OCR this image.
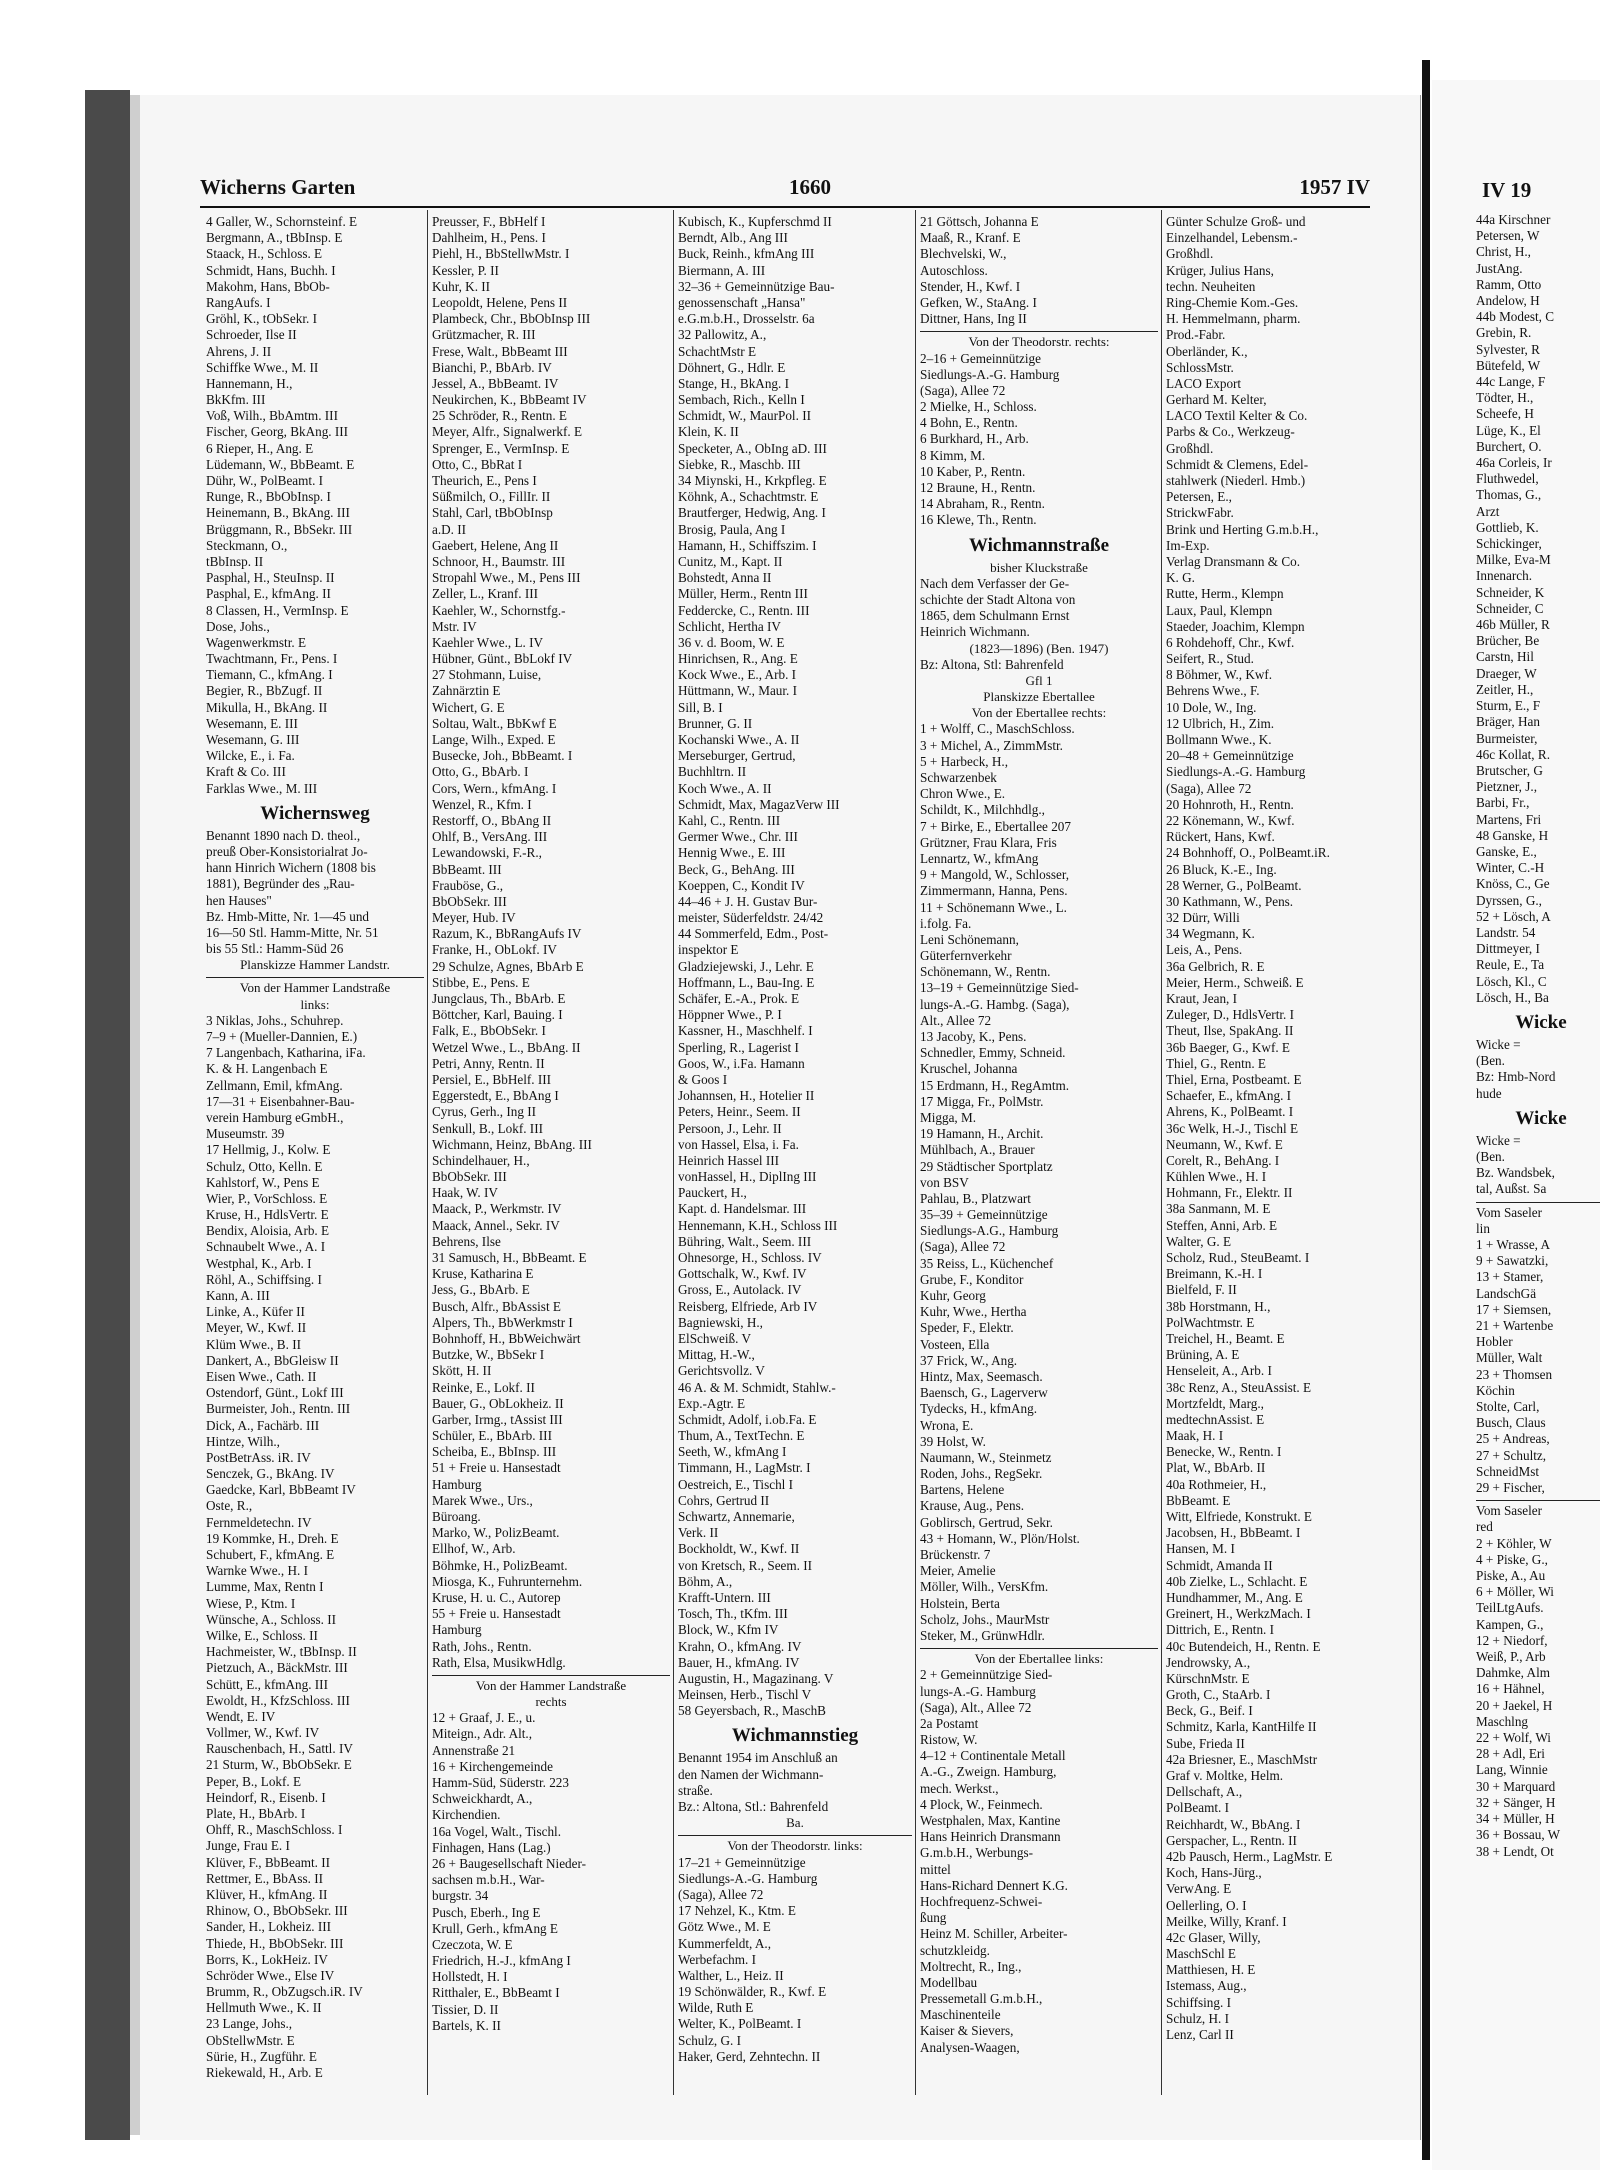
IV 19
44a Kirschner
Petersen, W
Christ, H.,
JustAng.
Ramm, Otto
Andelow, H
44b Modest, C
Grebin, R.
Sylvester, R
Bütefeld, W
44c Lange, F
Tödter, H.,
Scheefe, H
Lüge, K., El
Burchert, O.
46a Corleis, Ir
Fluthwedel,
Thomas, G.,
Arzt
Gottlieb, K.
Schickinger,
Milke, Eva-M
Innenarch.
Schneider, K
Schneider, C
46b Müller, R
Brücher, Be
Carstn, Hil
Draeger, W
Zeitler, H.,
Sturm, E., F
Bräger, Han
Burmeister,
46c Kollat, R.
Brutscher, G
Pietzner, J.,
Barbi, Fr.,
Martens, Fri
48 Ganske, H
Ganske, E.,
Winter, C.-H
Knöss, C., Ge
Dyrssen, G.,
52 + Lösch, A
Landstr. 54
Dittmeyer, I
Reule, E., Ta
Lösch, Kl., C
Lösch, H., Ba
Wicke
Wicke =
(Ben.
Bz: Hmb-Nord
hude
Wicke
Wicke =
(Ben.
Bz. Wandsbek,
tal, Außst. Sa
Vom Saseler
lin
1 + Wrasse, A
9 + Sawatzki,
13 + Stamer,
LandschGä
17 + Siemsen,
21 + Wartenbe
Hobler
Müller, Walt
23 + Thomsen
Köchin
Stolte, Carl,
Busch, Claus
25 + Andreas,
27 + Schultz,
SchneidMst
29 + Fischer,
Vom Saseler
red
2 + Köhler, W
4 + Piske, G.,
Piske, A., Au
6 + Möller, Wi
TeilLtgAufs.
Kampen, G.,
12 + Niedorf,
Weiß, P., Arb
Dahmke, Alm
16 + Hähnel,
20 + Jaekel, H
Maschlng
22 + Wolf, Wi
28 + Adl, Eri
Lang, Winnie
30 + Marquard
32 + Sänger, H
34 + Müller, H
36 + Bossau, W
38 + Lendt, Ot
Wicherns Garten	1660	1957 IV
4 Galler, W., Schornsteinf. E
Bergmann, A., tBbInsp. E
Staack, H., Schloss. E
Schmidt, Hans, Buchh. I
Makohm, Hans, BbOb-
RangAufs. I
Gröhl, K., tObSekr. I
Schroeder, Ilse II
Ahrens, J. II
Schiffke Wwe., M. II
Hannemann, H.,
BkKfm. III
Voß, Wilh., BbAmtm. III
Fischer, Georg, BkAng. III
6 Rieper, H., Ang. E
Lüdemann, W., BbBeamt. E
Dühr, W., PolBeamt. I
Runge, R., BbObInsp. I
Heinemann, B., BkAng. III
Brüggmann, R., BbSekr. III
Steckmann, O.,
tBbInsp. II
Pasphal, H., SteuInsp. II
Pasphal, E., kfmAng. II
8 Classen, H., VermInsp. E
Dose, Johs.,
Wagenwerkmstr. E
Twachtmann, Fr., Pens. I
Tiemann, C., kfmAng. I
Begier, R., BbZugf. II
Mikulla, H., BkAng. II
Wesemann, E. III
Wesemann, G. III
Wilcke, E., i. Fa.
Kraft & Co. III
Farklas Wwe., M. III
Wichernsweg
Benannt 1890 nach D. theol.,
preuß Ober-Konsistorialrat Jo-
hann Hinrich Wichern (1808 bis
1881), Begründer des „Rau-
hen Hauses"
Bz. Hmb-Mitte, Nr. 1—45 und
16—50 Stl. Hamm-Mitte, Nr. 51
bis 55 Stl.: Hamm-Süd 26
Planskizze Hammer Landstr.
Von der Hammer Landstraße
links:
3 Niklas, Johs., Schuhrep.
7–9 + (Mueller-Dannien, E.)
7 Langenbach, Katharina, iFa.
K. & H. Langenbach E
Zellmann, Emil, kfmAng.
17—31 + Eisenbahner-Bau-
verein Hamburg eGmbH.,
Museumstr. 39
17 Hellmig, J., Kolw. E
Schulz, Otto, Kelln. E
Kahlstorf, W., Pens E
Wier, P., VorSchloss. E
Kruse, H., HdlsVertr. E
Bendix, Aloisia, Arb. E
Schnaubelt Wwe., A. I
Westphal, K., Arb. I
Röhl, A., Schiffsing. I
Kann, A. III
Linke, A., Küfer II
Meyer, W., Kwf. II
Klüm Wwe., B. II
Dankert, A., BbGleisw II
Eisen Wwe., Cath. II
Ostendorf, Günt., Lokf III
Burmeister, Joh., Rentn. III
Dick, A., Fachärb. III
Hintze, Wilh.,
PostBetrAss. iR. IV
Senczek, G., BkAng. IV
Gaedcke, Karl, BbBeamt IV
Oste, R.,
Fernmeldetechn. IV
19 Kommke, H., Dreh. E
Schubert, F., kfmAng. E
Warnke Wwe., H. I
Lumme, Max, Rentn I
Wiese, P., Ktm. I
Wünsche, A., Schloss. II
Wilke, E., Schloss. II
Hachmeister, W., tBbInsp. II
Pietzuch, A., BäckMstr. III
Schütt, E., kfmAng. III
Ewoldt, H., KfzSchloss. III
Wendt, E. IV
Vollmer, W., Kwf. IV
Rauschenbach, H., Sattl. IV
21 Sturm, W., BbObSekr. E
Peper, B., Lokf. E
Heindorf, R., Eisenb. I
Plate, H., BbArb. I
Ohff, R., MaschSchloss. I
Junge, Frau E. I
Klüver, F., BbBeamt. II
Rettmer, E., BbAss. II
Klüver, H., kfmAng. II
Rhinow, O., BbObSekr. III
Sander, H., Lokheiz. III
Thiede, H., BbObSekr. III
Borrs, K., LokHeiz. IV
Schröder Wwe., Else IV
Brumm, R., ObZugsch.iR. IV
Hellmuth Wwe., K. II
23 Lange, Johs.,
ObStellwMstr. E
Sürie, H., Zugführ. E
Riekewald, H., Arb. E
Preusser, F., BbHelf I
Dahlheim, H., Pens. I
Piehl, H., BbStellwMstr. I
Kessler, P. II
Kuhr, K. II
Leopoldt, Helene, Pens II
Plambeck, Chr., BbObInsp III
Grützmacher, R. III
Frese, Walt., BbBeamt III
Bianchi, P., BbArb. IV
Jessel, A., BbBeamt. IV
Neukirchen, K., BbBeamt IV
25 Schröder, R., Rentn. E
Meyer, Alfr., Signalwerkf. E
Sprenger, E., VermInsp. E
Otto, C., BbRat I
Theurich, E., Pens I
Süßmilch, O., FillIr. II
Stahl, Carl, tBbObInsp
a.D. II
Gaebert, Helene, Ang II
Schnoor, H., Baumstr. III
Stropahl Wwe., M., Pens III
Zeller, L., Kranf. III
Kaehler, W., Schornstfg.-
Mstr. IV
Kaehler Wwe., L. IV
Hübner, Günt., BbLokf IV
27 Stohmann, Luise,
Zahnärztin E
Wichert, G. E
Soltau, Walt., BbKwf E
Lange, Wilh., Exped. E
Busecke, Joh., BbBeamt. I
Otto, G., BbArb. I
Cors, Wern., kfmAng. I
Wenzel, R., Kfm. I
Restorff, O., BbAng II
Ohlf, B., VersAng. III
Lewandowski, F.-R.,
BbBeamt. III
Frauböse, G.,
BbObSekr. III
Meyer, Hub. IV
Razum, K., BbRangAufs IV
Franke, H., ObLokf. IV
29 Schulze, Agnes, BbArb E
Stibbe, E., Pens. E
Jungclaus, Th., BbArb. E
Böttcher, Karl, Bauing. I
Falk, E., BbObSekr. I
Wetzel Wwe., L., BbAng. II
Petri, Anny, Rentn. II
Persiel, E., BbHelf. III
Eggerstedt, E., BbAng I
Cyrus, Gerh., Ing II
Senkull, B., Lokf. III
Wichmann, Heinz, BbAng. III
Schindelhauer, H.,
BbObSekr. III
Haak, W. IV
Maack, P., Werkmstr. IV
Maack, Annel., Sekr. IV
Behrens, Ilse
31 Samusch, H., BbBeamt. E
Kruse, Katharina E
Jess, G., BbArb. E
Busch, Alfr., BbAssist E
Alpers, Th., BbWerkmstr I
Bohnhoff, H., BbWeichwärt
Butzke, W., BbSekr I
Skött, H. II
Reinke, E., Lokf. II
Bauer, G., ObLokheiz. II
Garber, Irmg., tAssist III
Schüler, E., BbArb. III
Scheiba, E., BbInsp. III
51 + Freie u. Hansestadt
Hamburg
Marek Wwe., Urs.,
Büroang.
Marko, W., PolizBeamt.
Ellhof, W., Arb.
Böhmke, H., PolizBeamt.
Miosga, K., Fuhrunternehm.
Kruse, H. u. C., Autorep
55 + Freie u. Hansestadt
Hamburg
Rath, Johs., Rentn.
Rath, Elsa, MusikwHdlg.
Von der Hammer Landstraße
rechts
12 + Graaf, J. E., u.
Miteign., Adr. Alt.,
Annenstraße 21
16 + Kirchengemeinde
Hamm-Süd, Süderstr. 223
Schweickhardt, A.,
Kirchendien.
16a Vogel, Walt., Tischl.
Finhagen, Hans (Lag.)
26 + Baugesellschaft Nieder-
sachsen m.b.H., War-
burgstr. 34
Pusch, Eberh., Ing E
Krull, Gerh., kfmAng E
Czeczota, W. E
Friedrich, H.-J., kfmAng I
Hollstedt, H. I
Ritthaler, E., BbBeamt I
Tissier, D. II
Bartels, K. II
Kubisch, K., Kupferschmd II
Berndt, Alb., Ang III
Buck, Reinh., kfmAng III
Biermann, A. III
32–36 + Gemeinnützige Bau-
genossenschaft „Hansa"
e.G.m.b.H., Drosselstr. 6a
32 Pallowitz, A.,
SchachtMstr E
Döhnert, G., Hdlr. E
Stange, H., BkAng. I
Sembach, Rich., Kelln I
Schmidt, W., MaurPol. II
Klein, K. II
Specketer, A., ObIng aD. III
Siebke, R., Maschb. III
34 Miynski, H., Krkpfleg. E
Köhnk, A., Schachtmstr. E
Brautferger, Hedwig, Ang. I
Brosig, Paula, Ang I
Hamann, H., Schiffszim. I
Cunitz, M., Kapt. II
Bohstedt, Anna II
Müller, Herm., Rentn III
Feddercke, C., Rentn. III
Schlicht, Hertha IV
36 v. d. Boom, W. E
Hinrichsen, R., Ang. E
Kock Wwe., E., Arb. I
Hüttmann, W., Maur. I
Sill, B. I
Brunner, G. II
Kochanski Wwe., A. II
Merseburger, Gertrud,
Buchhltrn. II
Koch Wwe., A. II
Schmidt, Max, MagazVerw III
Kahl, C., Rentn. III
Germer Wwe., Chr. III
Hennig Wwe., E. III
Beck, G., BehAng. III
Koeppen, C., Kondit IV
44–46 + J. H. Gustav Bur-
meister, Süderfeldstr. 24/42
44 Sommerfeld, Edm., Post-
inspektor E
Gladziejewski, J., Lehr. E
Hoffmann, L., Bau-Ing. E
Schäfer, E.-A., Prok. E
Höppner Wwe., P. I
Kassner, H., Maschhelf. I
Sperling, R., Lagerist I
Goos, W., i.Fa. Hamann
& Goos I
Johannsen, H., Hotelier II
Peters, Heinr., Seem. II
Persoon, J., Lehr. II
von Hassel, Elsa, i. Fa.
Heinrich Hassel III
vonHassel, H., DiplIng III
Pauckert, H.,
Kapt. d. Handelsmar. III
Hennemann, K.H., Schloss III
Bühring, Walt., Seem. III
Ohnesorge, H., Schloss. IV
Gottschalk, W., Kwf. IV
Gross, E., Autolack. IV
Reisberg, Elfriede, Arb IV
Bagniewski, H.,
ElSchweiß. V
Mittag, H.-W.,
Gerichtsvollz. V
46 A. & M. Schmidt, Stahlw.-
Exp.-Agtr. E
Schmidt, Adolf, i.ob.Fa. E
Thum, A., TextTechn. E
Seeth, W., kfmAng I
Timmann, H., LagMstr. I
Oestreich, E., Tischl I
Cohrs, Gertrud II
Schwartz, Annemarie,
Verk. II
Bockholdt, W., Kwf. II
von Kretsch, R., Seem. II
Böhm, A.,
Krafft-Untern. III
Tosch, Th., tKfm. III
Block, W., Kfm IV
Krahn, O., kfmAng. IV
Bauer, H., kfmAng. IV
Augustin, H., Magazinang. V
Meinsen, Herb., Tischl V
58 Geyersbach, R., MaschB
Wichmannstieg
Benannt 1954 im Anschluß an
den Namen der Wichmann-
straße.
Bz.: Altona, Stl.: Bahrenfeld
Ba.
Von der Theodorstr. links:
17–21 + Gemeinnützige
Siedlungs-A.-G. Hamburg
(Saga), Allee 72
17 Nehzel, K., Ktm. E
Götz Wwe., M. E
Kummerfeldt, A.,
Werbefachm. I
Walther, L., Heiz. II
19 Schönwälder, R., Kwf. E
Wilde, Ruth E
Welter, K., PolBeamt. I
Schulz, G. I
Haker, Gerd, Zehntechn. II
21 Göttsch, Johanna E
Maaß, R., Kranf. E
Blechvelski, W.,
Autoschloss.
Stender, H., Kwf. I
Gefken, W., StaAng. I
Dittner, Hans, Ing II
Von der Theodorstr. rechts:
2–16 + Gemeinnützige
Siedlungs-A.-G. Hamburg
(Saga), Allee 72
2 Mielke, H., Schloss.
4 Bohn, E., Rentn.
6 Burkhard, H., Arb.
8 Kimm, M.
10 Kaber, P., Rentn.
12 Braune, H., Rentn.
14 Abraham, R., Rentn.
16 Klewe, Th., Rentn.
Wichmannstraße
bisher Kluckstraße
Nach dem Verfasser der Ge-
schichte der Stadt Altona von
1865, dem Schulmann Ernst
Heinrich Wichmann.
(1823—1896) (Ben. 1947)
Bz: Altona, Stl: Bahrenfeld
Gfl 1
Planskizze Ebertallee
Von der Ebertallee rechts:
1 + Wolff, C., MaschSchloss.
3 + Michel, A., ZimmMstr.
5 + Harbeck, H.,
Schwarzenbek
Chron Wwe., E.
Schildt, K., Milchhdlg.,
7 + Birke, E., Ebertallee 207
Grützner, Frau Klara, Fris
Lennartz, W., kfmAng
9 + Mangold, W., Schlosser,
Zimmermann, Hanna, Pens.
11 + Schönemann Wwe., L.
i.folg. Fa.
Leni Schönemann,
Güterfernverkehr
Schönemann, W., Rentn.
13–19 + Gemeinnützige Sied-
lungs-A.-G. Hambg. (Saga),
Alt., Allee 72
13 Jacoby, K., Pens.
Schnedler, Emmy, Schneid.
Kruschel, Johanna
15 Erdmann, H., RegAmtm.
17 Migga, Fr., PolMstr.
Migga, M.
19 Hamann, H., Archit.
Mühlbach, A., Brauer
29 Städtischer Sportplatz
von BSV
Pahlau, B., Platzwart
35–39 + Gemeinnützige
Siedlungs-A.G., Hamburg
(Saga), Allee 72
35 Reiss, L., Küchenchef
Grube, F., Konditor
Kuhr, Georg
Kuhr, Wwe., Hertha
Speder, F., Elektr.
Vosteen, Ella
37 Frick, W., Ang.
Hintz, Max, Seemasch.
Baensch, G., Lagerverw
Tydecks, H., kfmAng.
Wrona, E.
39 Holst, W.
Naumann, W., Steinmetz
Roden, Johs., RegSekr.
Bartens, Helene
Krause, Aug., Pens.
Goblirsch, Gertrud, Sekr.
43 + Homann, W., Plön/Holst.
Brückenstr. 7
Meier, Amelie
Möller, Wilh., VersKfm.
Holstein, Berta
Scholz, Johs., MaurMstr
Steker, M., GrünwHdlr.
Von der Ebertallee links:
2 + Gemeinnützige Sied-
lungs-A.-G. Hamburg
(Saga), Alt., Allee 72
2a Postamt
Ristow, W.
4–12 + Continentale Metall
A.-G., Zweign. Hamburg,
mech. Werkst.,
4 Plock, W., Feinmech.
Westphalen, Max, Kantine
Hans Heinrich Dransmann
G.m.b.H., Werbungs-
mittel
Hans-Richard Dennert K.G.
Hochfrequenz-Schwei-
ßung
Heinz M. Schiller, Arbeiter-
schutzkleidg.
Moltrecht, R., Ing.,
Modellbau
Pressemetall G.m.b.H.,
Maschinenteile
Kaiser & Sievers,
Analysen-Waagen,
Günter Schulze Groß- und
Einzelhandel, Lebensm.-
Großhdl.
Krüger, Julius Hans,
techn. Neuheiten
Ring-Chemie Kom.-Ges.
H. Hemmelmann, pharm.
Prod.-Fabr.
Oberländer, K.,
SchlossMstr.
LACO Export
Gerhard M. Kelter,
LACO Textil Kelter & Co.
Parbs & Co., Werkzeug-
Großhdl.
Schmidt & Clemens, Edel-
stahlwerk (Niederl. Hmb.)
Petersen, E.,
StrickwFabr.
Brink und Herting G.m.b.H.,
Im-Exp.
Verlag Dransmann & Co.
K. G.
Rutte, Herm., Klempn
Laux, Paul, Klempn
Staeder, Joachim, Klempn
6 Rohdehoff, Chr., Kwf.
Seifert, R., Stud.
8 Böhmer, W., Kwf.
Behrens Wwe., F.
10 Dole, W., Ing.
12 Ulbrich, H., Zim.
Bollmann Wwe., K.
20–48 + Gemeinnützige
Siedlungs-A.-G. Hamburg
(Saga), Allee 72
20 Hohnroth, H., Rentn.
22 Könemann, W., Kwf.
Rückert, Hans, Kwf.
24 Bohnhoff, O., PolBeamt.iR.
26 Bluck, K.-E., Ing.
28 Werner, G., PolBeamt.
30 Kathmann, W., Pens.
32 Dürr, Willi
34 Wegmann, K.
Leis, A., Pens.
36a Gelbrich, R. E
Meier, Herm., Schweiß. E
Kraut, Jean, I
Zuleger, D., HdlsVertr. I
Theut, Ilse, SpakAng. II
36b Baeger, G., Kwf. E
Thiel, G., Rentn. E
Thiel, Erna, Postbeamt. E
Schaefer, E., kfmAng. I
Ahrens, K., PolBeamt. I
36c Welk, H.-J., Tischl E
Neumann, W., Kwf. E
Corelt, R., BehAng. I
Kühlen Wwe., H. I
Hohmann, Fr., Elektr. II
38a Sanmann, M. E
Steffen, Anni, Arb. E
Walter, G. E
Scholz, Rud., SteuBeamt. I
Breimann, K.-H. I
Bielfeld, F. II
38b Horstmann, H.,
PolWachtmstr. E
Treichel, H., Beamt. E
Brüning, A. E
Henseleit, A., Arb. I
38c Renz, A., SteuAssist. E
Mortzfeldt, Marg.,
medtechnAssist. E
Maak, H. I
Benecke, W., Rentn. I
Plat, W., BbArb. II
40a Rothmeier, H.,
BbBeamt. E
Witt, Elfriede, Konstrukt. E
Jacobsen, H., BbBeamt. I
Hansen, M. I
Schmidt, Amanda II
40b Zielke, L., Schlacht. E
Hundhammer, M., Ang. E
Greinert, H., WerkzMach. I
Dittrich, E., Rentn. I
40c Butendeich, H., Rentn. E
Jendrowsky, A.,
KürschnMstr. E
Groth, C., StaArb. I
Beck, G., Beif. I
Schmitz, Karla, KantHilfe II
Sube, Frieda II
42a Briesner, E., MaschMstr
Graf v. Moltke, Helm.
Dellschaft, A.,
PolBeamt. I
Reichhardt, W., BbAng. I
Gerspacher, L., Rentn. II
42b Pausch, Herm., LagMstr. E
Koch, Hans-Jürg.,
VerwAng. E
Oellerling, O. I
Meilke, Willy, Kranf. I
42c Glaser, Willy,
MaschSchl E
Matthiesen, H. E
Istemass, Aug.,
Schiffsing. I
Schulz, H. I
Lenz, Carl II
